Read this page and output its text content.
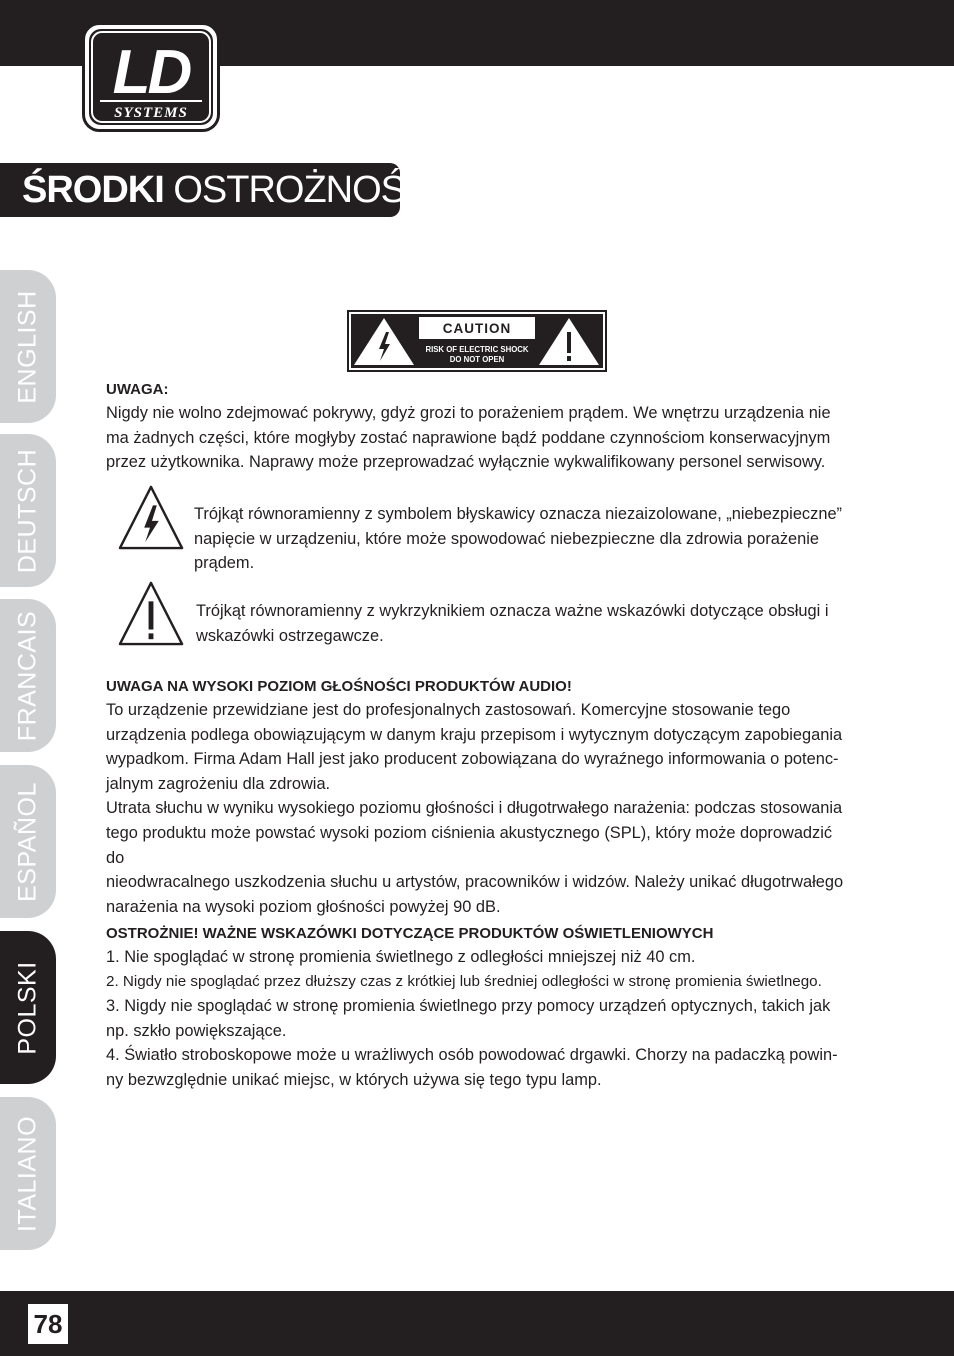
LD
SYSTEMS
ŚRODKI OSTROŻNOŚCI:
ENGLISH
DEUTSCH
FRANCAIS
ESPAÑOL
POLSKI
ITALIANO
CAUTION
RISK OF ELECTRIC SHOCK
DO NOT OPEN

UWAGA:

Nigdy nie wolno zdejmować pokrywy, gdyż grozi to porażeniem prądem. We wnętrzu urządzenia nie

ma żadnych części, które mogłyby zostać naprawione bądź poddane czynnościom konserwacyjnym

przez użytkownika. Naprawy może przeprowadzać wyłącznie wykwalifikowany personel serwisowy.

Trójkąt równoramienny z symbolem błyskawicy oznacza niezaizolowane, „niebezpieczne”

napięcie w urządzeniu, które może spowodować niebezpieczne dla zdrowia porażenie

prądem.

Trójkąt równoramienny z wykrzyknikiem oznacza ważne wskazówki dotyczące obsługi i

wskazówki ostrzegawcze.

UWAGA NA WYSOKI POZIOM GŁOŚNOŚCI PRODUKTÓW AUDIO!

To urządzenie przewidziane jest do profesjonalnych zastosowań. Komercyjne stosowanie tego

urządzenia podlega obowiązującym w danym kraju przepisom i wytycznym dotyczącym zapobiegania

wypadkom. Firma Adam Hall jest jako producent zobowiązana do wyraźnego informowania o potenc-

jalnym zagrożeniu dla zdrowia.

Utrata słuchu w wyniku wysokiego poziomu głośności i długotrwałego narażenia: podczas stosowania

tego produktu może powstać wysoki poziom ciśnienia akustycznego (SPL), który może doprowadzić do

nieodwracalnego uszkodzenia słuchu u artystów, pracowników i widzów. Należy unikać długotrwałego

narażenia na wysoki poziom głośności powyżej 90 dB.

OSTROŻNIE! WAŻNE WSKAZÓWKI DOTYCZĄCE PRODUKTÓW OŚWIETLENIOWYCH

1. Nie spoglądać w stronę promienia świetlnego z odległości mniejszej niż 40 cm.

2. Nigdy nie spoglądać przez dłuższy czas z krótkiej lub średniej odległości w stronę promienia świetlnego.

3. Nigdy nie spoglądać w stronę promienia świetlnego przy pomocy urządzeń optycznych, takich jak

np. szkło powiększające.

4. Światło stroboskopowe może u wrażliwych osób powodować drgawki. Chorzy na padaczką powin-

ny bezwzględnie unikać miejsc, w których używa się tego typu lamp.

78
